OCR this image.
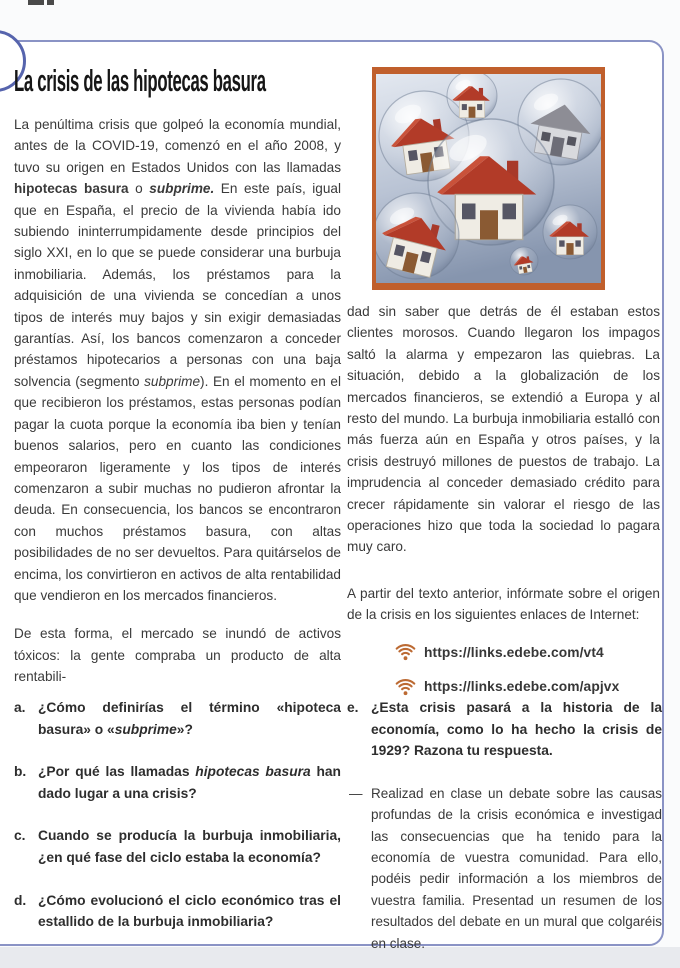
La crisis de las hipotecas basura

La penúltima crisis que golpeó la economía mundial, antes de la COVID-19, comenzó en el año 2008, y tuvo su origen en Estados Unidos con las llamadas hipotecas basura o subprime. En este país, igual que en España, el precio de la vivienda había ido subiendo ininterrumpidamente desde principios del siglo XXI, en lo que se puede considerar una burbuja inmobiliaria. Además, los préstamos para la adquisición de una vivienda se concedían a unos tipos de interés muy bajos y sin exigir demasiadas garantías. Así, los bancos comenzaron a conceder préstamos hipotecarios a personas con una baja solvencia (segmento subprime). En el momento en el que recibieron los préstamos, estas personas podían pagar la cuota porque la economía iba bien y tenían buenos salarios, pero en cuanto las condiciones empeoraron ligeramente y los tipos de interés comenzaron a subir muchas no pudieron afrontar la deuda. En consecuencia, los bancos se encontraron con muchos préstamos basura, con altas posibilidades de no ser devueltos. Para quitárselos de encima, los convirtieron en activos de alta rentabilidad que vendieron en los mercados financieros.

De esta forma, el mercado se inundó de activos tóxicos: la gente compraba un producto de alta rentabili-

dad sin saber que detrás de él estaban estos clientes morosos. Cuando llegaron los impagos saltó la alarma y empezaron las quiebras. La situación, debido a la globalización de los mercados financieros, se extendió a Europa y al resto del mundo. La burbuja inmobiliaria estalló con más fuerza aún en España y otros países, y la crisis destruyó millones de puestos de trabajo. La imprudencia al conceder demasiado crédito para crecer rápidamente sin valorar el riesgo de las operaciones hizo que toda la sociedad lo pagara muy caro.

A partir del texto anterior, infórmate sobre el origen de la crisis en los siguientes enlaces de Internet:

https://links.edebe.com/vt4
https://links.edebe.com/apjvx
a. ¿Cómo definirías el término «hipoteca basura» o «subprime»?
b. ¿Por qué las llamadas hipotecas basura han dado lugar a una crisis?
c. Cuando se producía la burbuja inmobiliaria, ¿en qué fase del ciclo estaba la economía?
d. ¿Cómo evolucionó el ciclo económico tras el estallido de la burbuja inmobiliaria?
e. ¿Esta crisis pasará a la historia de la economía, como lo ha hecho la crisis de 1929? Razona tu respuesta.
— Realizad en clase un debate sobre las causas profundas de la crisis económica e investigad las consecuencias que ha tenido para la economía de vuestra comunidad. Para ello, podéis pedir información a los miembros de vuestra familia. Presentad un resumen de los resultados del debate en un mural que colgaréis en clase.
